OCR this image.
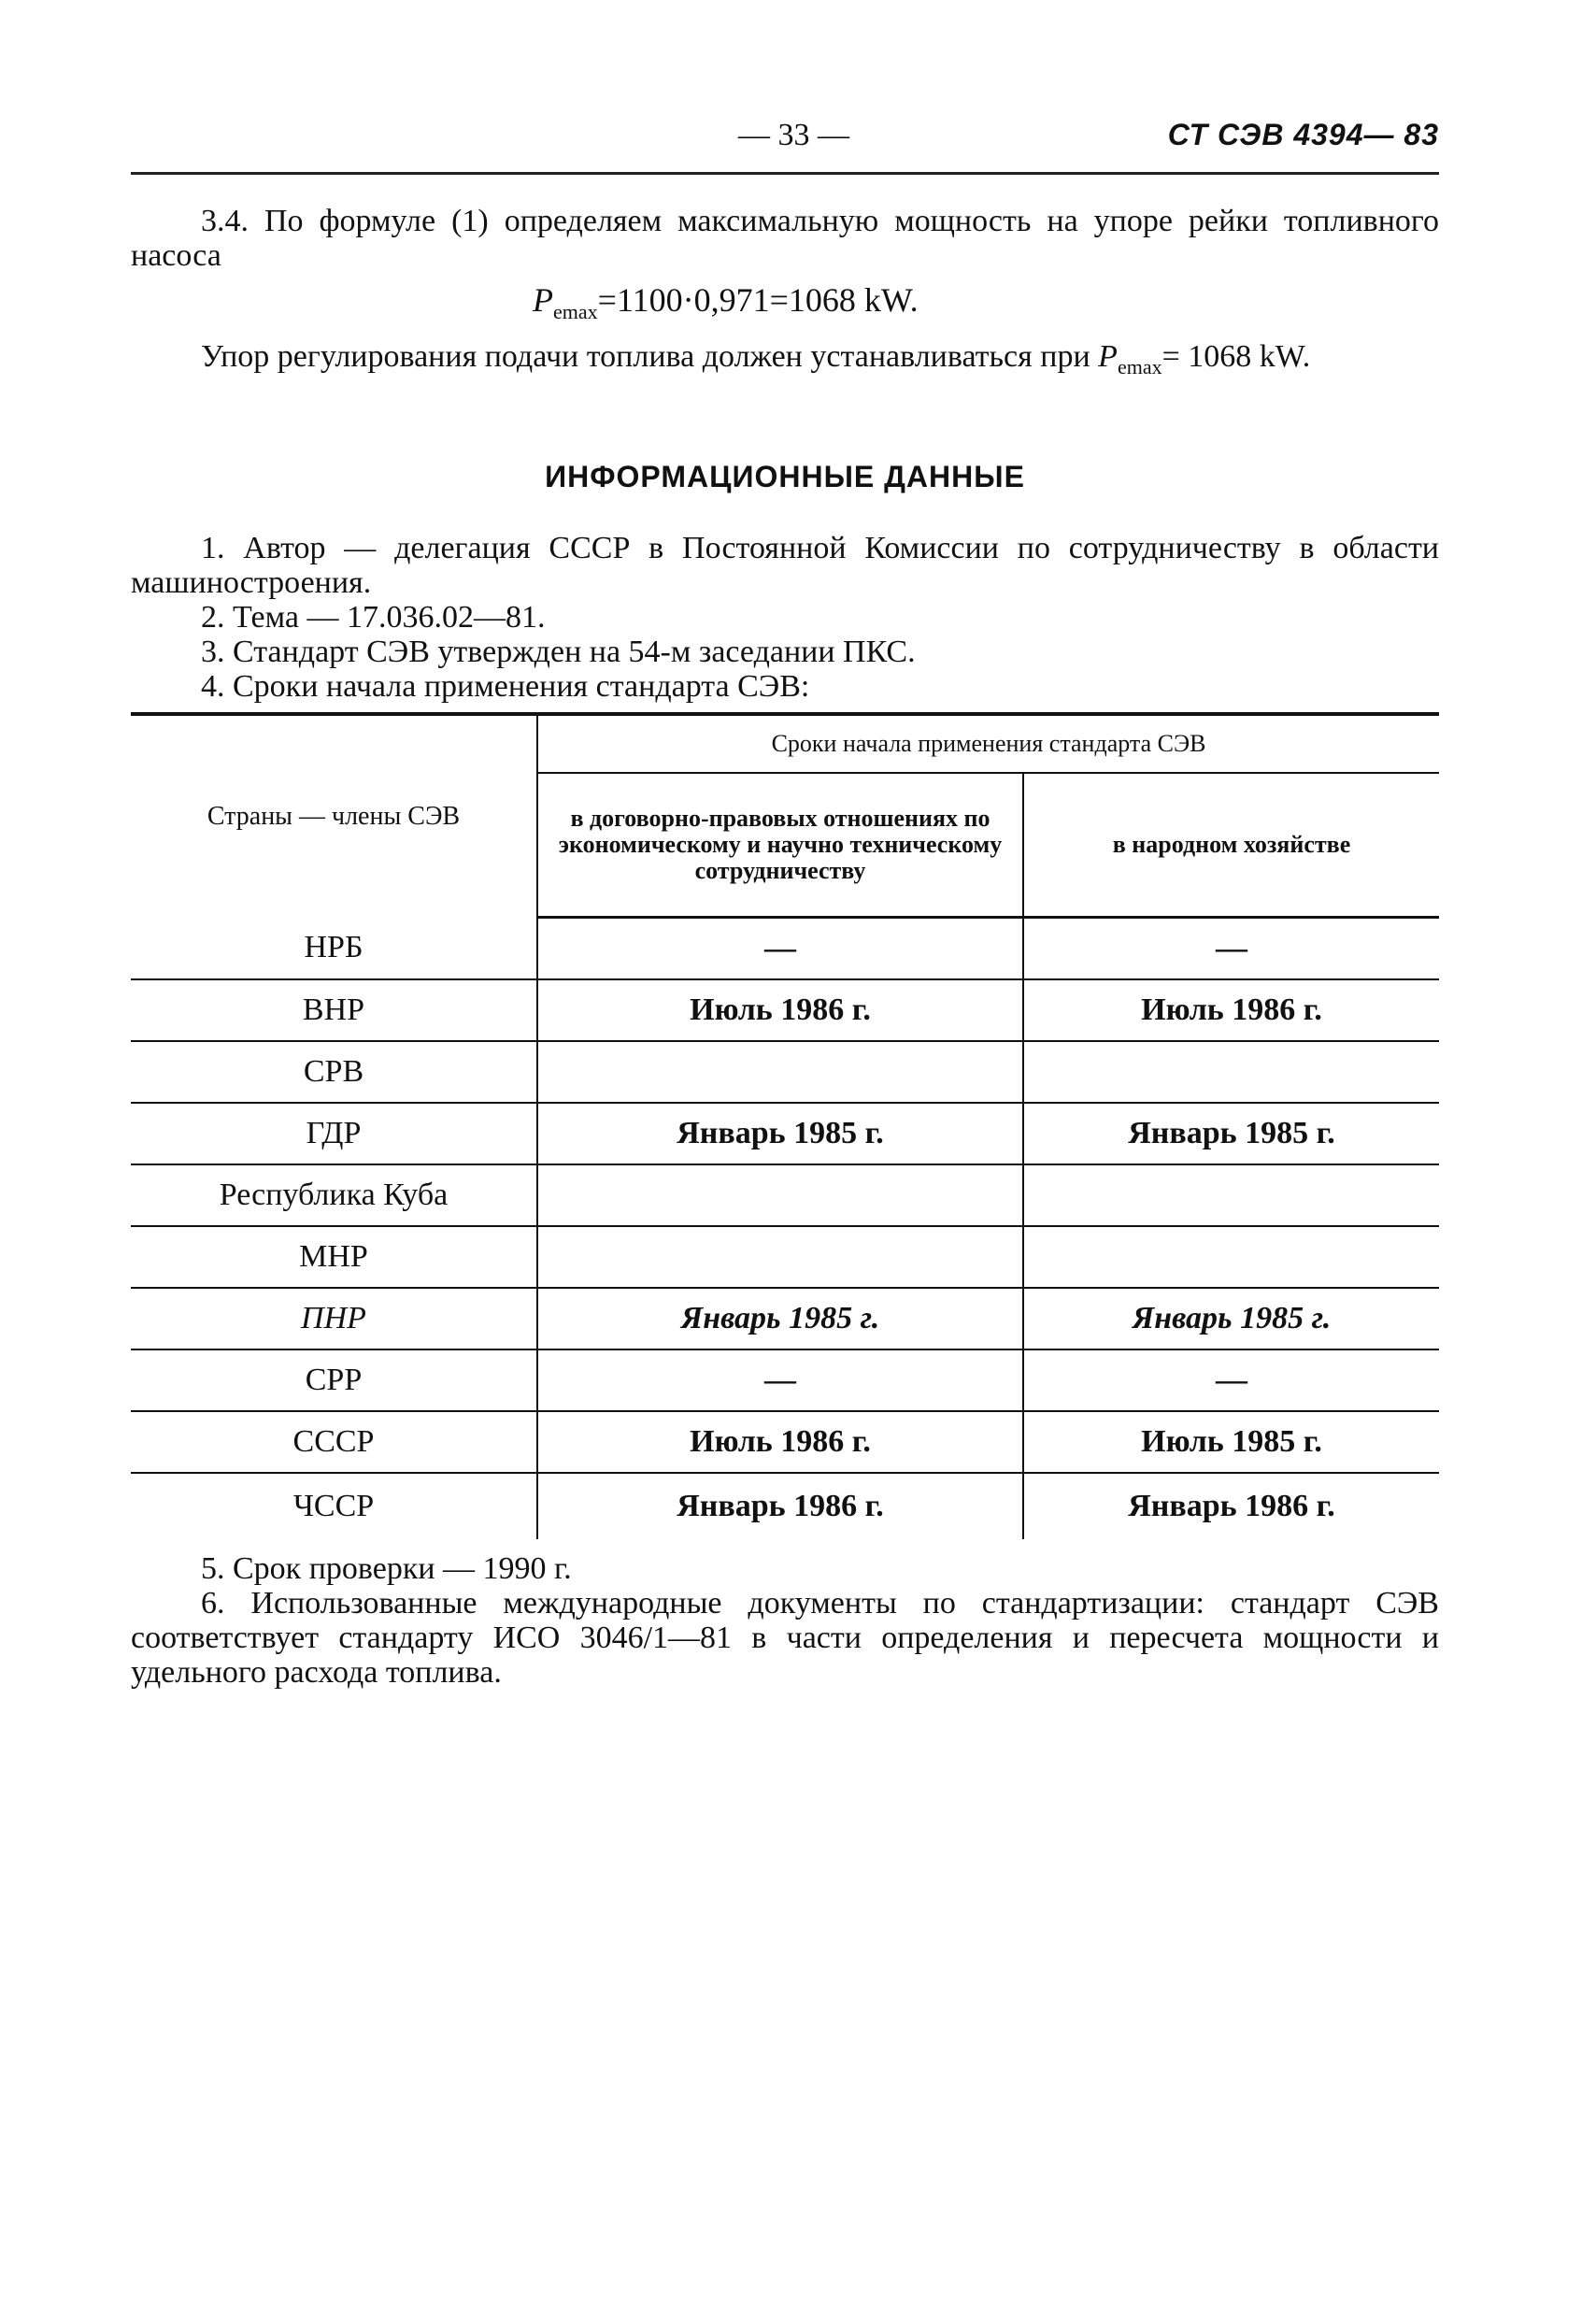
— 33 —	СТ СЭВ 4394— 83
3.4. По формуле (1) определяем максимальную мощность на упоре рейки топливного насоса
$P_{emax}=1100\cdot 0,971=1068$ kW.
Упор регулирования подачи топлива должен устанавливаться при $P_{emax}= 1068$ kW.
ИНФОРМАЦИОННЫЕ ДАННЫЕ
1. Автор — делегация СССР в Постоянной Комиссии по сотрудничеству в области машиностроения.
2. Тема — 17.036.02—81.
3. Стандарт СЭВ утвержден на 54-м заседании ПКС.
4. Сроки начала применения стандарта СЭВ:
Страны — члены СЭВ	Сроки начала применения стандарта СЭВ	
	в договорно-правовых отношениях по экономическому и научно техническому сотрудничеству	в народном хозяйстве
НРБ	—	—
ВНР	Июль 1986 г.	Июль 1986 г.
СРВ		
ГДР	Январь 1985 г.	Январь 1985 г.
Республика Куба		
МНР		
ПНР	Январь 1985 г.	Январь 1985 г.
СРР	—	—
СССР	Июль 1986 г.	Июль 1985 г.
ЧССР	Январь 1986 г.	Январь 1986 г.
5. Срок проверки — 1990 г.
6. Использованные международные документы по стандартизации: стандарт СЭВ соответствует стандарту ИСО 3046/1—81 в части определения и пересчета мощности и удельного расхода топлива.
